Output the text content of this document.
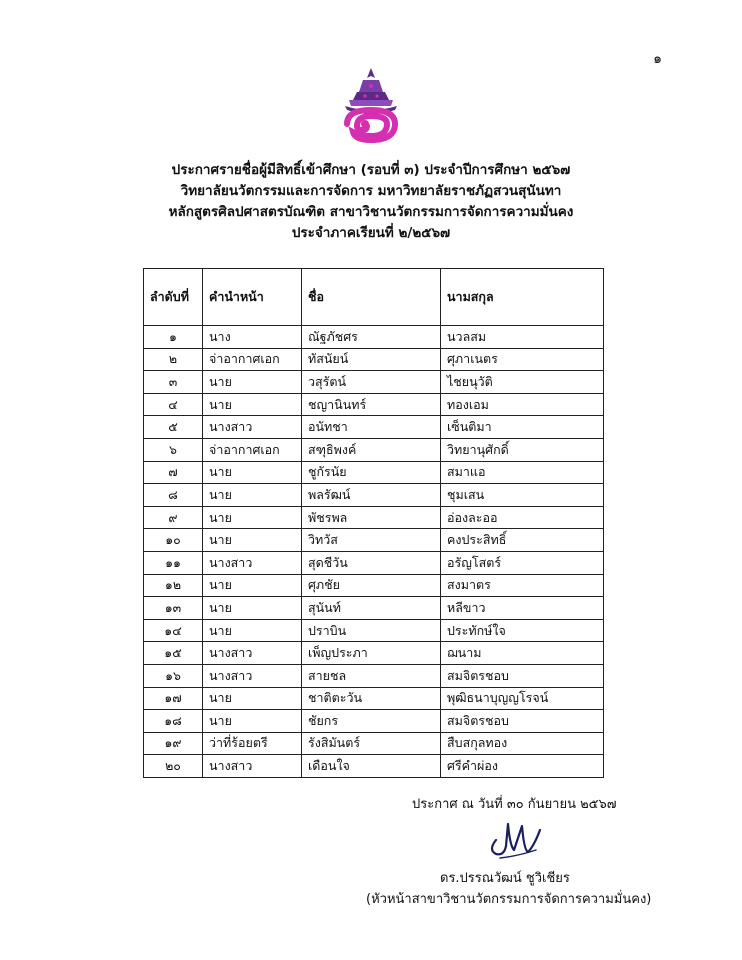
๑
ประกาศรายชื่อผู้มีสิทธิ์เข้าศึกษา (รอบที่ ๓) ประจำปีการศึกษา ๒๕๖๗
วิทยาลัยนวัตกรรมและการจัดการ มหาวิทยาลัยราชภัฏสวนสุนันทา
หลักสูตรศิลปศาสตรบัณฑิต สาขาวิชานวัตกรรมการจัดการความมั่นคง
ประจำภาคเรียนที่ ๒/๒๕๖๗
ลำดับที่	คำนำหน้า	ชื่อ	นามสกุล
๑	นาง	ณัฐภัชศร	นวลสม
๒	จ่าอากาศเอก	ทัสนัยน์	ศุภาเนตร
๓	นาย	วสุรัตน์	ไชยนุวัติ
๔	นาย	ชญานินทร์	ทองเอม
๕	นางสาว	อนัทชา	เซ็นติมา
๖	จ่าอากาศเอก	สฑุธิพงค์	วิทยานุศักดิ์
๗	นาย	ชูกัรนัย	สมาแอ
๘	นาย	พลรัฒน์	ชุมเสน
๙	นาย	พัชรพล	อ่องละออ
๑๐	นาย	วิทวัส	คงประสิทธิ์
๑๑	นางสาว	สุดชีวัน	อรัญโสตร์
๑๒	นาย	ศุภชัย	สงมาตร
๑๓	นาย	สุนันท์	หลีขาว
๑๔	นาย	ปราบิน	ประทักษ์ใจ
๑๕	นางสาว	เพ็ญประภา	ฌนาม
๑๖	นางสาว	สายชล	สมจิตรชอบ
๑๗	นาย	ชาติตะวัน	พุฒิธนาบุญญโรจน์
๑๘	นาย	ชัยกร	สมจิตรชอบ
๑๙	ว่าที่ร้อยตรี	รังสิมันตร์	สืบสกุลทอง
๒๐	นางสาว	เดือนใจ	ศรีคำผ่อง
ประกาศ ณ วันที่ ๓๐ กันยายน ๒๕๖๗
ดร.ปรรณวัฒน์ ชูวิเชียร
(หัวหน้าสาขาวิชานวัตกรรมการจัดการความมั่นคง)
